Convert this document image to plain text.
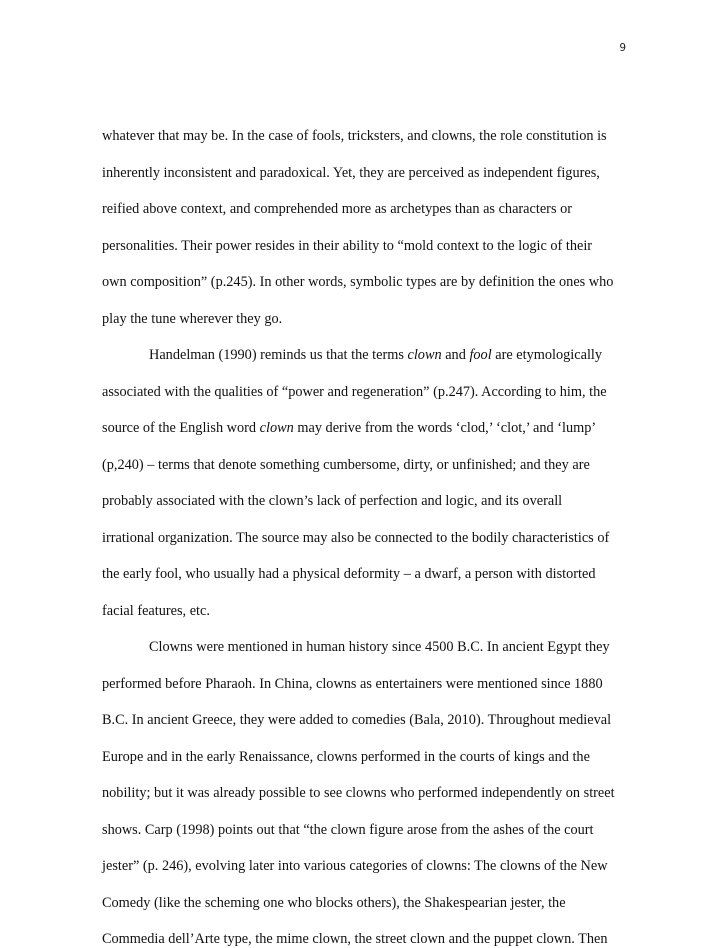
9
whatever that may be. In the case of fools, tricksters, and clowns, the role constitution is
inherently inconsistent and paradoxical. Yet, they are perceived as independent figures,
reified above context, and comprehended more as archetypes than as characters or
personalities. Their power resides in their ability to “mold context to the logic of their
own composition” (p.245). In other words, symbolic types are by definition the ones who
play the tune wherever they go.
Handelman (1990) reminds us that the terms clown and fool are etymologically
associated with the qualities of “power and regeneration” (p.247). According to him, the
source of the English word clown may derive from the words ‘clod,’ ‘clot,’ and ‘lump’
(p,240) – terms that denote something cumbersome, dirty, or unfinished; and they are
probably associated with the clown’s lack of perfection and logic, and its overall
irrational organization. The source may also be connected to the bodily characteristics of
the early fool, who usually had a physical deformity – a dwarf, a person with distorted
facial features, etc.
Clowns were mentioned in human history since 4500 B.C. In ancient Egypt they
performed before Pharaoh. In China, clowns as entertainers were mentioned since 1880
B.C. In ancient Greece, they were added to comedies (Bala, 2010). Throughout medieval
Europe and in the early Renaissance, clowns performed in the courts of kings and the
nobility; but it was already possible to see clowns who performed independently on street
shows. Carp (1998) points out that “the clown figure arose from the ashes of the court
jester” (p. 246), evolving later into various categories of clowns: The clowns of the New
Comedy (like the scheming one who blocks others), the Shakespearian jester, the
Commedia dell’Arte type, the mime clown, the street clown and the puppet clown. Then
